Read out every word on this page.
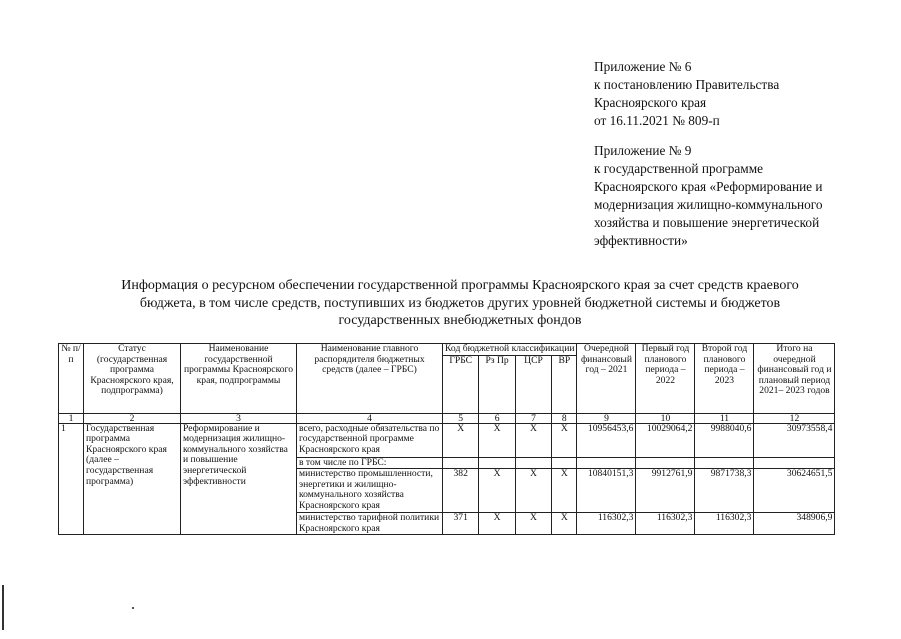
Приложение № 6
к постановлению Правительства
Красноярского края
от 16.11.2021 № 809-п
Приложение № 9
к государственной программе
Красноярского края «Реформирование и
модернизация жилищно-коммунального
хозяйства и повышение энергетической
эффективности»
Информация о ресурсном обеспечении государственной программы Красноярского края за счет средств краевого
бюджета, в том числе средств, поступивших из бюджетов других уровней бюджетной системы и бюджетов
государственных внебюджетных фондов
№ п/п	Статус (государственная программа Красноярского края, подпрограмма)	Наименование государственной программы Красноярского края, подпрограммы	Наименование главного распорядителя бюджетных средств (далее – ГРБС)	Код бюджетной классификации				Очередной финансовый год – 2021	Первый год планового периода – 2022	Второй год планового периода – 2023	Итого на очередной финансовый год и плановый период 2021– 2023 годов
				ГРБС	Рз Пр	ЦСР	ВР				
1	2	3	4	5	6	7	8	9	10	11	12
1	Государственная программа Красноярского края (далее – государственная программа)	Реформирование и модернизация жилищно-коммунального хозяйства и повышение энергетической эффективности	всего, расходные обязательства по государственной программе Красноярского края	X	X	X	X	10956453,6	10029064,2	9988040,6	30973558,4
			в том числе по ГРБС:								
			министерство промышленности, энергетики и жилищно-коммунального хозяйства Красноярского края	382	X	X	X	10840151,3	9912761,9	9871738,3	30624651,5
			министерство тарифной политики Красноярского края	371	X	X	X	116302,3	116302,3	116302,3	348906,9
